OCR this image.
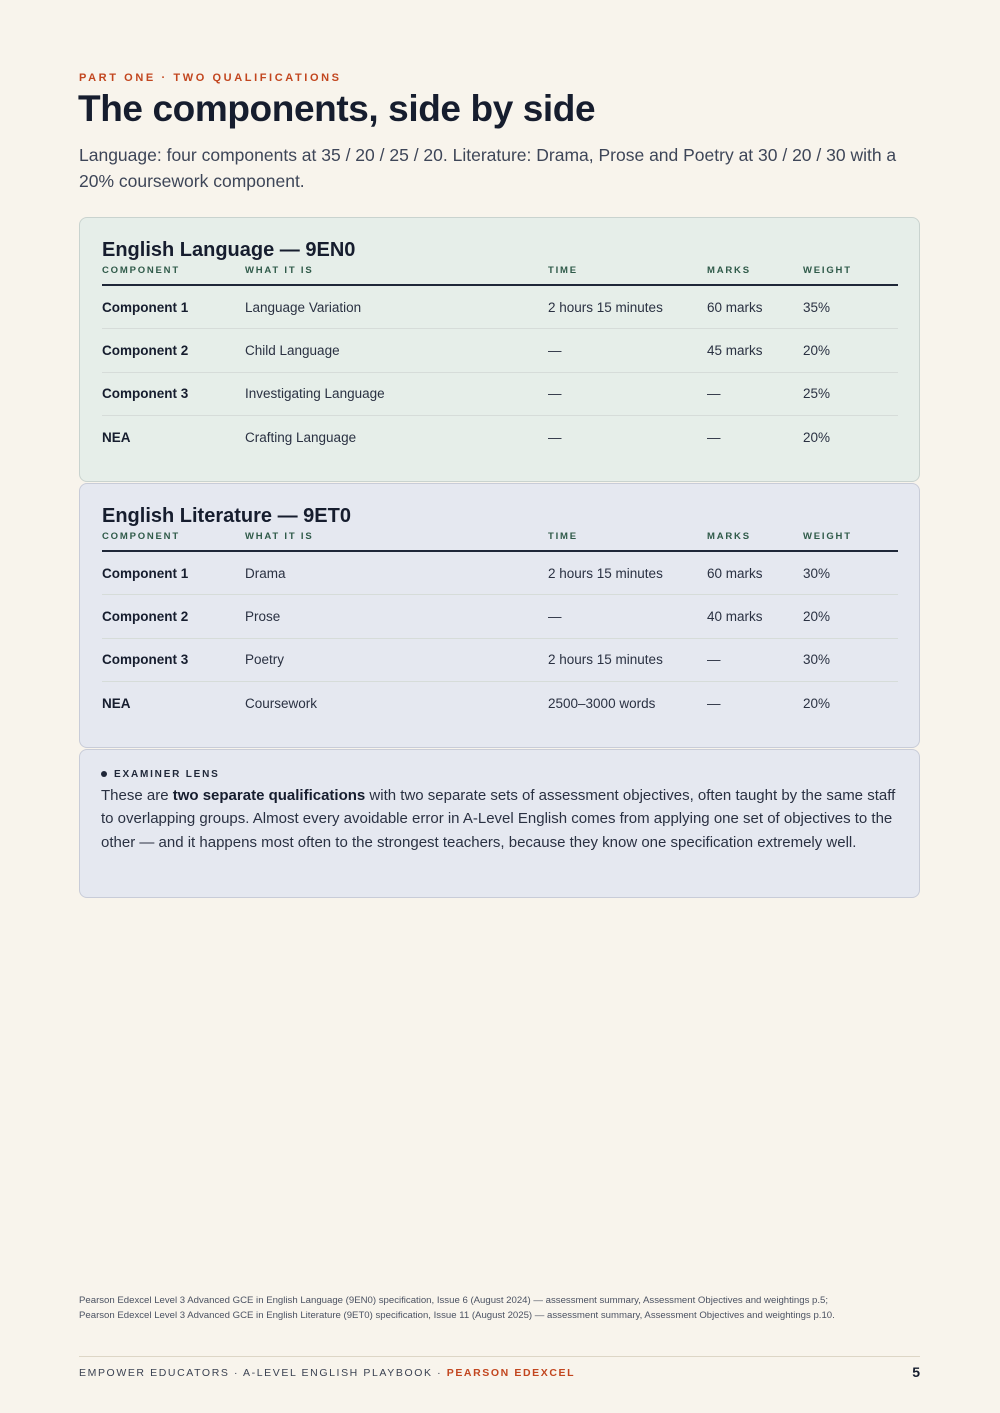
PART ONE · TWO QUALIFICATIONS
The components, side by side

Language: four components at 35 / 20 / 25 / 20. Literature: Drama, Prose and Poetry at 30 / 20 / 30 with a 20% coursework component.

English Language — 9EN0
COMPONENT	WHAT IT IS	TIME	MARKS	WEIGHT
Component 1	Language Variation	2 hours 15 minutes	60 marks	35%
Component 2	Child Language	—	45 marks	20%
Component 3	Investigating Language	—	—	25%
NEA	Crafting Language	—	—	20%
English Literature — 9ET0
COMPONENT	WHAT IT IS	TIME	MARKS	WEIGHT
Component 1	Drama	2 hours 15 minutes	60 marks	30%
Component 2	Prose	—	40 marks	20%
Component 3	Poetry	2 hours 15 minutes	—	30%
NEA	Coursework	2500–3000 words	—	20%
EXAMINER LENS

These are two separate qualifications with two separate sets of assessment objectives, often taught by the same staff to overlapping groups. Almost every avoidable error in A-Level English comes from applying one set of objectives to the other — and it happens most often to the strongest teachers, because they know one specification extremely well.

Pearson Edexcel Level 3 Advanced GCE in English Language (9EN0) specification, Issue 6 (August 2024) — assessment summary, Assessment Objectives and weightings p.5;
Pearson Edexcel Level 3 Advanced GCE in English Literature (9ET0) specification, Issue 11 (August 2025) — assessment summary, Assessment Objectives and weightings p.10.
EMPOWER EDUCATORS · A-LEVEL ENGLISH PLAYBOOK · PEARSON EDEXCEL	5
